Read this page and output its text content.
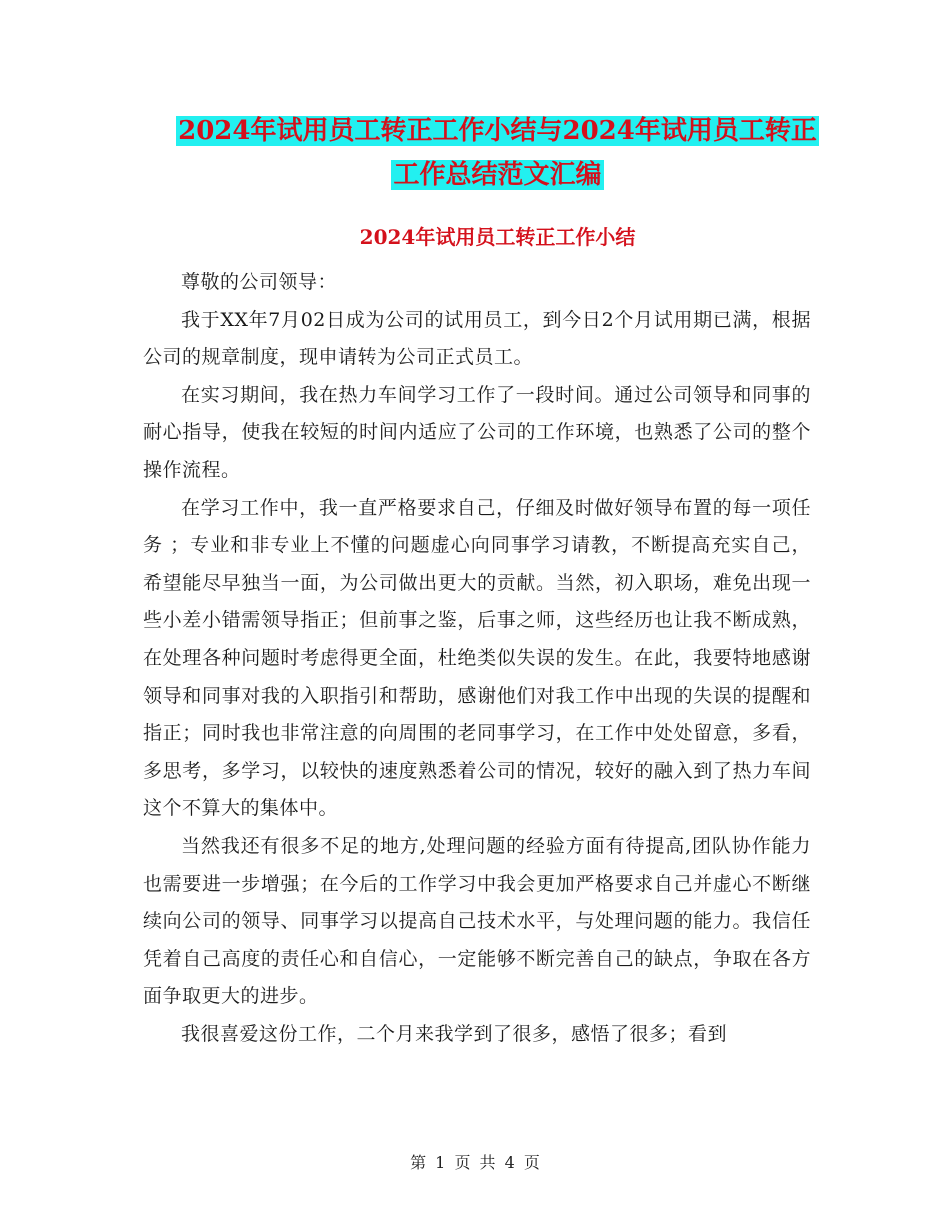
2024年试用员工转正工作小结与2024年试用员工转正
工作总结范文汇编
2024年试用员工转正工作小结

尊敬的公司领导：

我于XX年7月02日成为公司的试用员工，到今日2个月试用期已满，根据公司的规章制度，现申请转为公司正式员工。

在实习期间，我在热力车间学习工作了一段时间。通过公司领导和同事的耐心指导，使我在较短的时间内适应了公司的工作环境，也熟悉了公司的整个操作流程。

在学习工作中，我一直严格要求自己，仔细及时做好领导布置的每一项任务 ；专业和非专业上不懂的问题虚心向同事学习请教，不断提高充实自己，希望能尽早独当一面，为公司做出更大的贡献。当然，初入职场，难免出现一些小差小错需领导指正；但前事之鉴，后事之师，这些经历也让我不断成熟，在处理各种问题时考虑得更全面，杜绝类似失误的发生。在此，我要特地感谢领导和同事对我的入职指引和帮助，感谢他们对我工作中出现的失误的提醒和指正；同时我也非常注意的向周围的老同事学习，在工作中处处留意，多看，多思考，多学习，以较快的速度熟悉着公司的情况，较好的融入到了热力车间这个不算大的集体中。

当然我还有很多不足的地方,处理问题的经验方面有待提高,团队协作能力也需要进一步增强；在今后的工作学习中我会更加严格要求自己并虚心不断继续向公司的领导、同事学习以提高自己技术水平，与处理问题的能力。我信任凭着自己高度的责任心和自信心，一定能够不断完善自己的缺点，争取在各方面争取更大的进步。

我很喜爱这份工作，二个月来我学到了很多，感悟了很多；看到

第 1 页 共 4 页
